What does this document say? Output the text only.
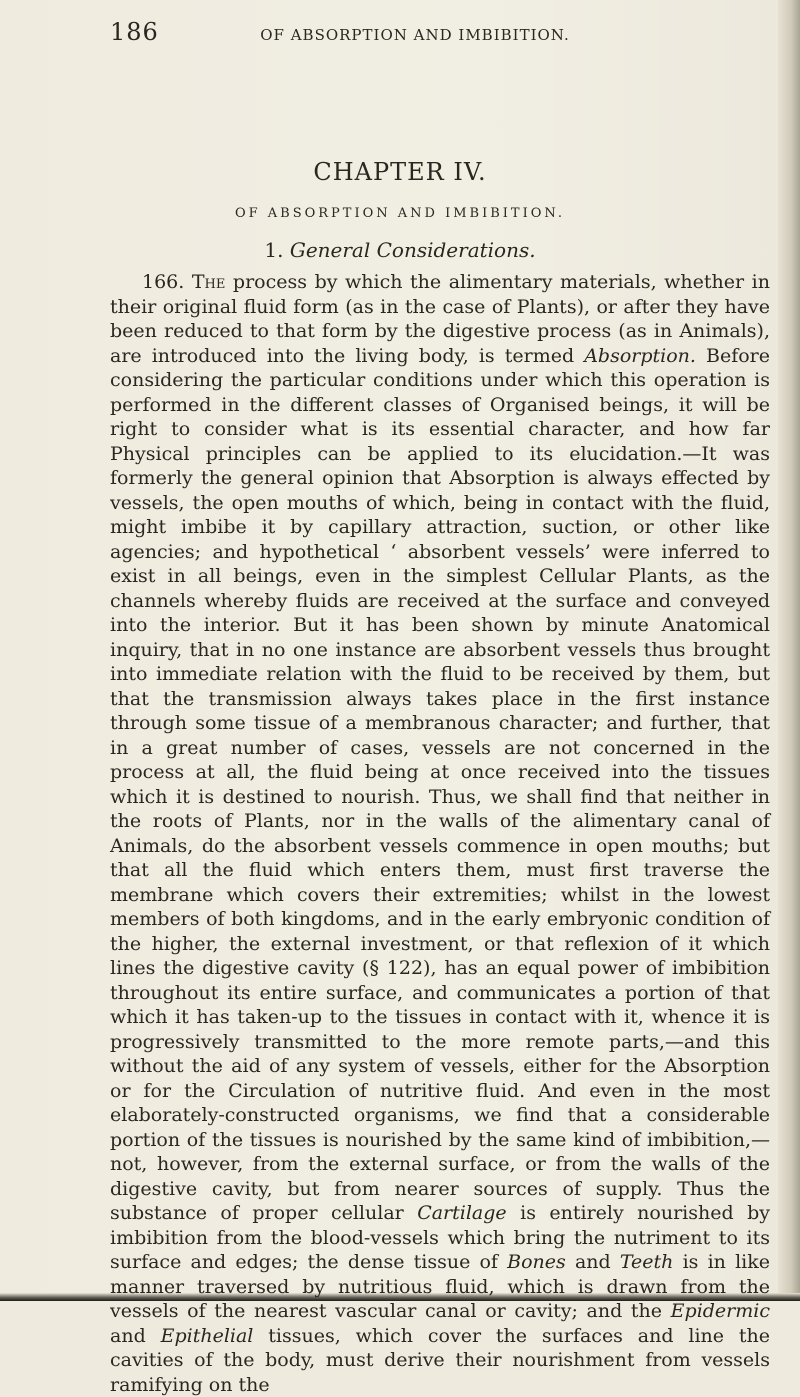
186	OF ABSORPTION AND IMBIBITION.
CHAPTER IV.
OF ABSORPTION AND IMBIBITION.
1. General Considerations.

166. The process by which the alimentary materials, whether in their original fluid form (as in the case of Plants), or after they have been reduced to that form by the digestive process (as in Animals), are introduced into the living body, is termed Absorption. Before considering the particular conditions under which this operation is performed in the different classes of Organised beings, it will be right to consider what is its essential character, and how far Physical principles can be applied to its elucidation.—It was formerly the general opinion that Absorption is always effected by vessels, the open mouths of which, being in contact with the fluid, might imbibe it by capillary attraction, suction, or other like agencies; and hypothetical ‘ absorbent vessels’ were inferred to exist in all beings, even in the simplest Cellular Plants, as the channels whereby fluids are received at the surface and conveyed into the interior. But it has been shown by minute Anatomical inquiry, that in no one instance are absorbent vessels thus brought into immediate relation with the fluid to be received by them, but that the transmission always takes place in the first instance through some tissue of a membranous character; and further, that in a great number of cases, vessels are not concerned in the process at all, the fluid being at once received into the tissues which it is destined to nourish. Thus, we shall find that neither in the roots of Plants, nor in the walls of the alimentary canal of Animals, do the absorbent vessels commence in open mouths; but that all the fluid which enters them, must first traverse the membrane which covers their extremities; whilst in the lowest members of both kingdoms, and in the early embryonic condition of the higher, the external investment, or that reflexion of it which lines the digestive cavity (§ 122), has an equal power of imbibition throughout its entire surface, and communicates a portion of that which it has taken-up to the tissues in contact with it, whence it is progressively transmitted to the more remote parts,—and this without the aid of any system of vessels, either for the Absorption or for the Circulation of nutritive fluid. And even in the most elaborately-constructed organisms, we find that a considerable portion of the tissues is nourished by the same kind of imbibition,—not, however, from the external surface, or from the walls of the digestive cavity, but from nearer sources of supply. Thus the substance of proper cellular Cartilage is entirely nourished by imbibition from the blood-vessels which bring the nutriment to its surface and edges; the dense tissue of Bones and Teeth is in like manner traversed by nutritious fluid, which is drawn from the vessels of the nearest vascular canal or cavity; and the Epidermic and Epithelial tissues, which cover the surfaces and line the cavities of the body, must derive their nourishment from vessels ramifying on the
